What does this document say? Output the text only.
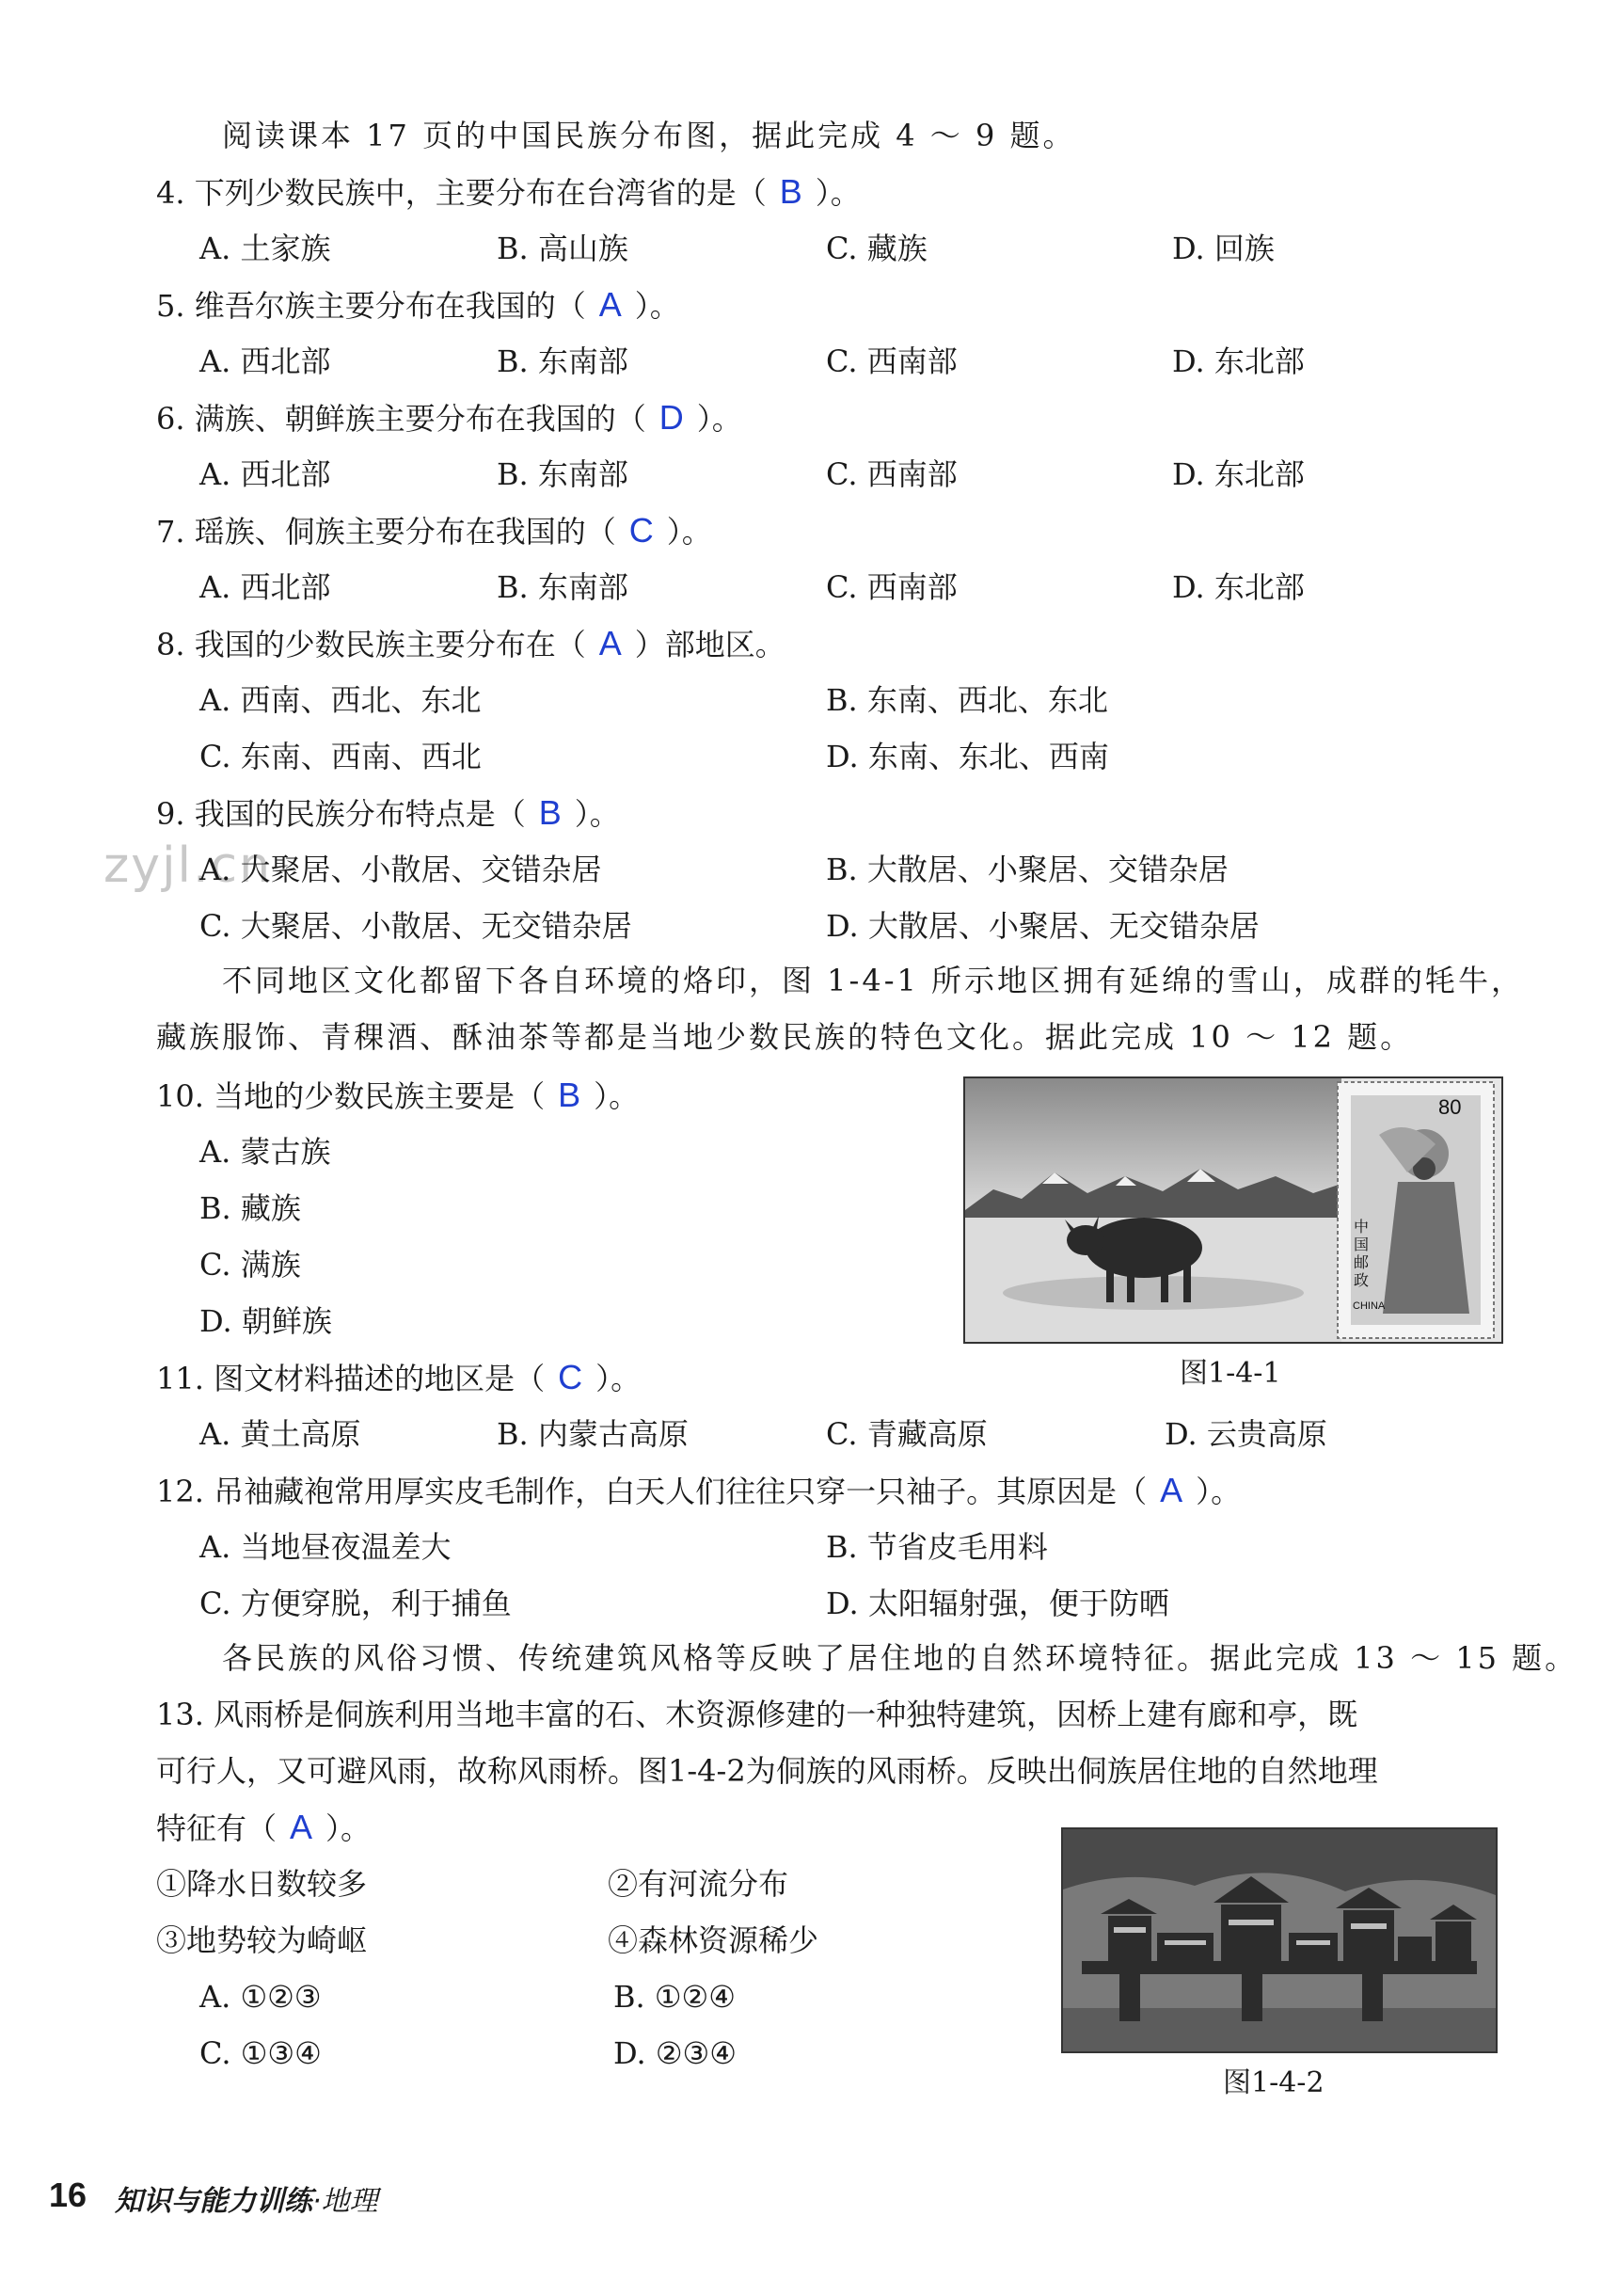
zyjl.cn
阅读课本 17 页的中国民族分布图，据此完成 4 ～ 9 题。
4. 下列少数民族中，主要分布在台湾省的是（ B ）。
A. 土家族	B. 高山族	C. 藏族	D. 回族
5. 维吾尔族主要分布在我国的（ A ）。
A. 西北部	B. 东南部	C. 西南部	D. 东北部
6. 满族、朝鲜族主要分布在我国的（ D ）。
A. 西北部	B. 东南部	C. 西南部	D. 东北部
7. 瑶族、侗族主要分布在我国的（ C ）。
A. 西北部	B. 东南部	C. 西南部	D. 东北部
8. 我国的少数民族主要分布在（ A ）部地区。
A. 西南、西北、东北	B. 东南、西北、东北
C. 东南、西南、西北	D. 东南、东北、西南
9. 我国的民族分布特点是（ B ）。
A. 大聚居、小散居、交错杂居	B. 大散居、小聚居、交错杂居
C. 大聚居、小散居、无交错杂居	D. 大散居、小聚居、无交错杂居
不同地区文化都留下各自环境的烙印，图 1-4-1 所示地区拥有延绵的雪山，成群的牦牛，
藏族服饰、青稞酒、酥油茶等都是当地少数民族的特色文化。据此完成 10 ～ 12 题。
10. 当地的少数民族主要是（ B ）。
A. 蒙古族
B. 藏族
C. 满族
D. 朝鲜族
80
中国邮政
CHINA
图1-4-1
11. 图文材料描述的地区是（ C ）。
A. 黄土高原	B. 内蒙古高原	C. 青藏高原	D. 云贵高原
12. 吊袖藏袍常用厚实皮毛制作，白天人们往往只穿一只袖子。其原因是（ A ）。
A. 当地昼夜温差大	B. 节省皮毛用料
C. 方便穿脱，利于捕鱼	D. 太阳辐射强，便于防晒
各民族的风俗习惯、传统建筑风格等反映了居住地的自然环境特征。据此完成 13 ～ 15 题。
13. 风雨桥是侗族利用当地丰富的石、木资源修建的一种独特建筑，因桥上建有廊和亭，既
可行人，又可避风雨，故称风雨桥。图1-4-2为侗族的风雨桥。反映出侗族居住地的自然地理
特征有（ A ）。
①降水日数较多	②有河流分布
③地势较为崎岖	④森林资源稀少
A. ①②③	B. ①②④
C. ①③④	D. ②③④
图1-4-2
16 知识与能力训练·地理
